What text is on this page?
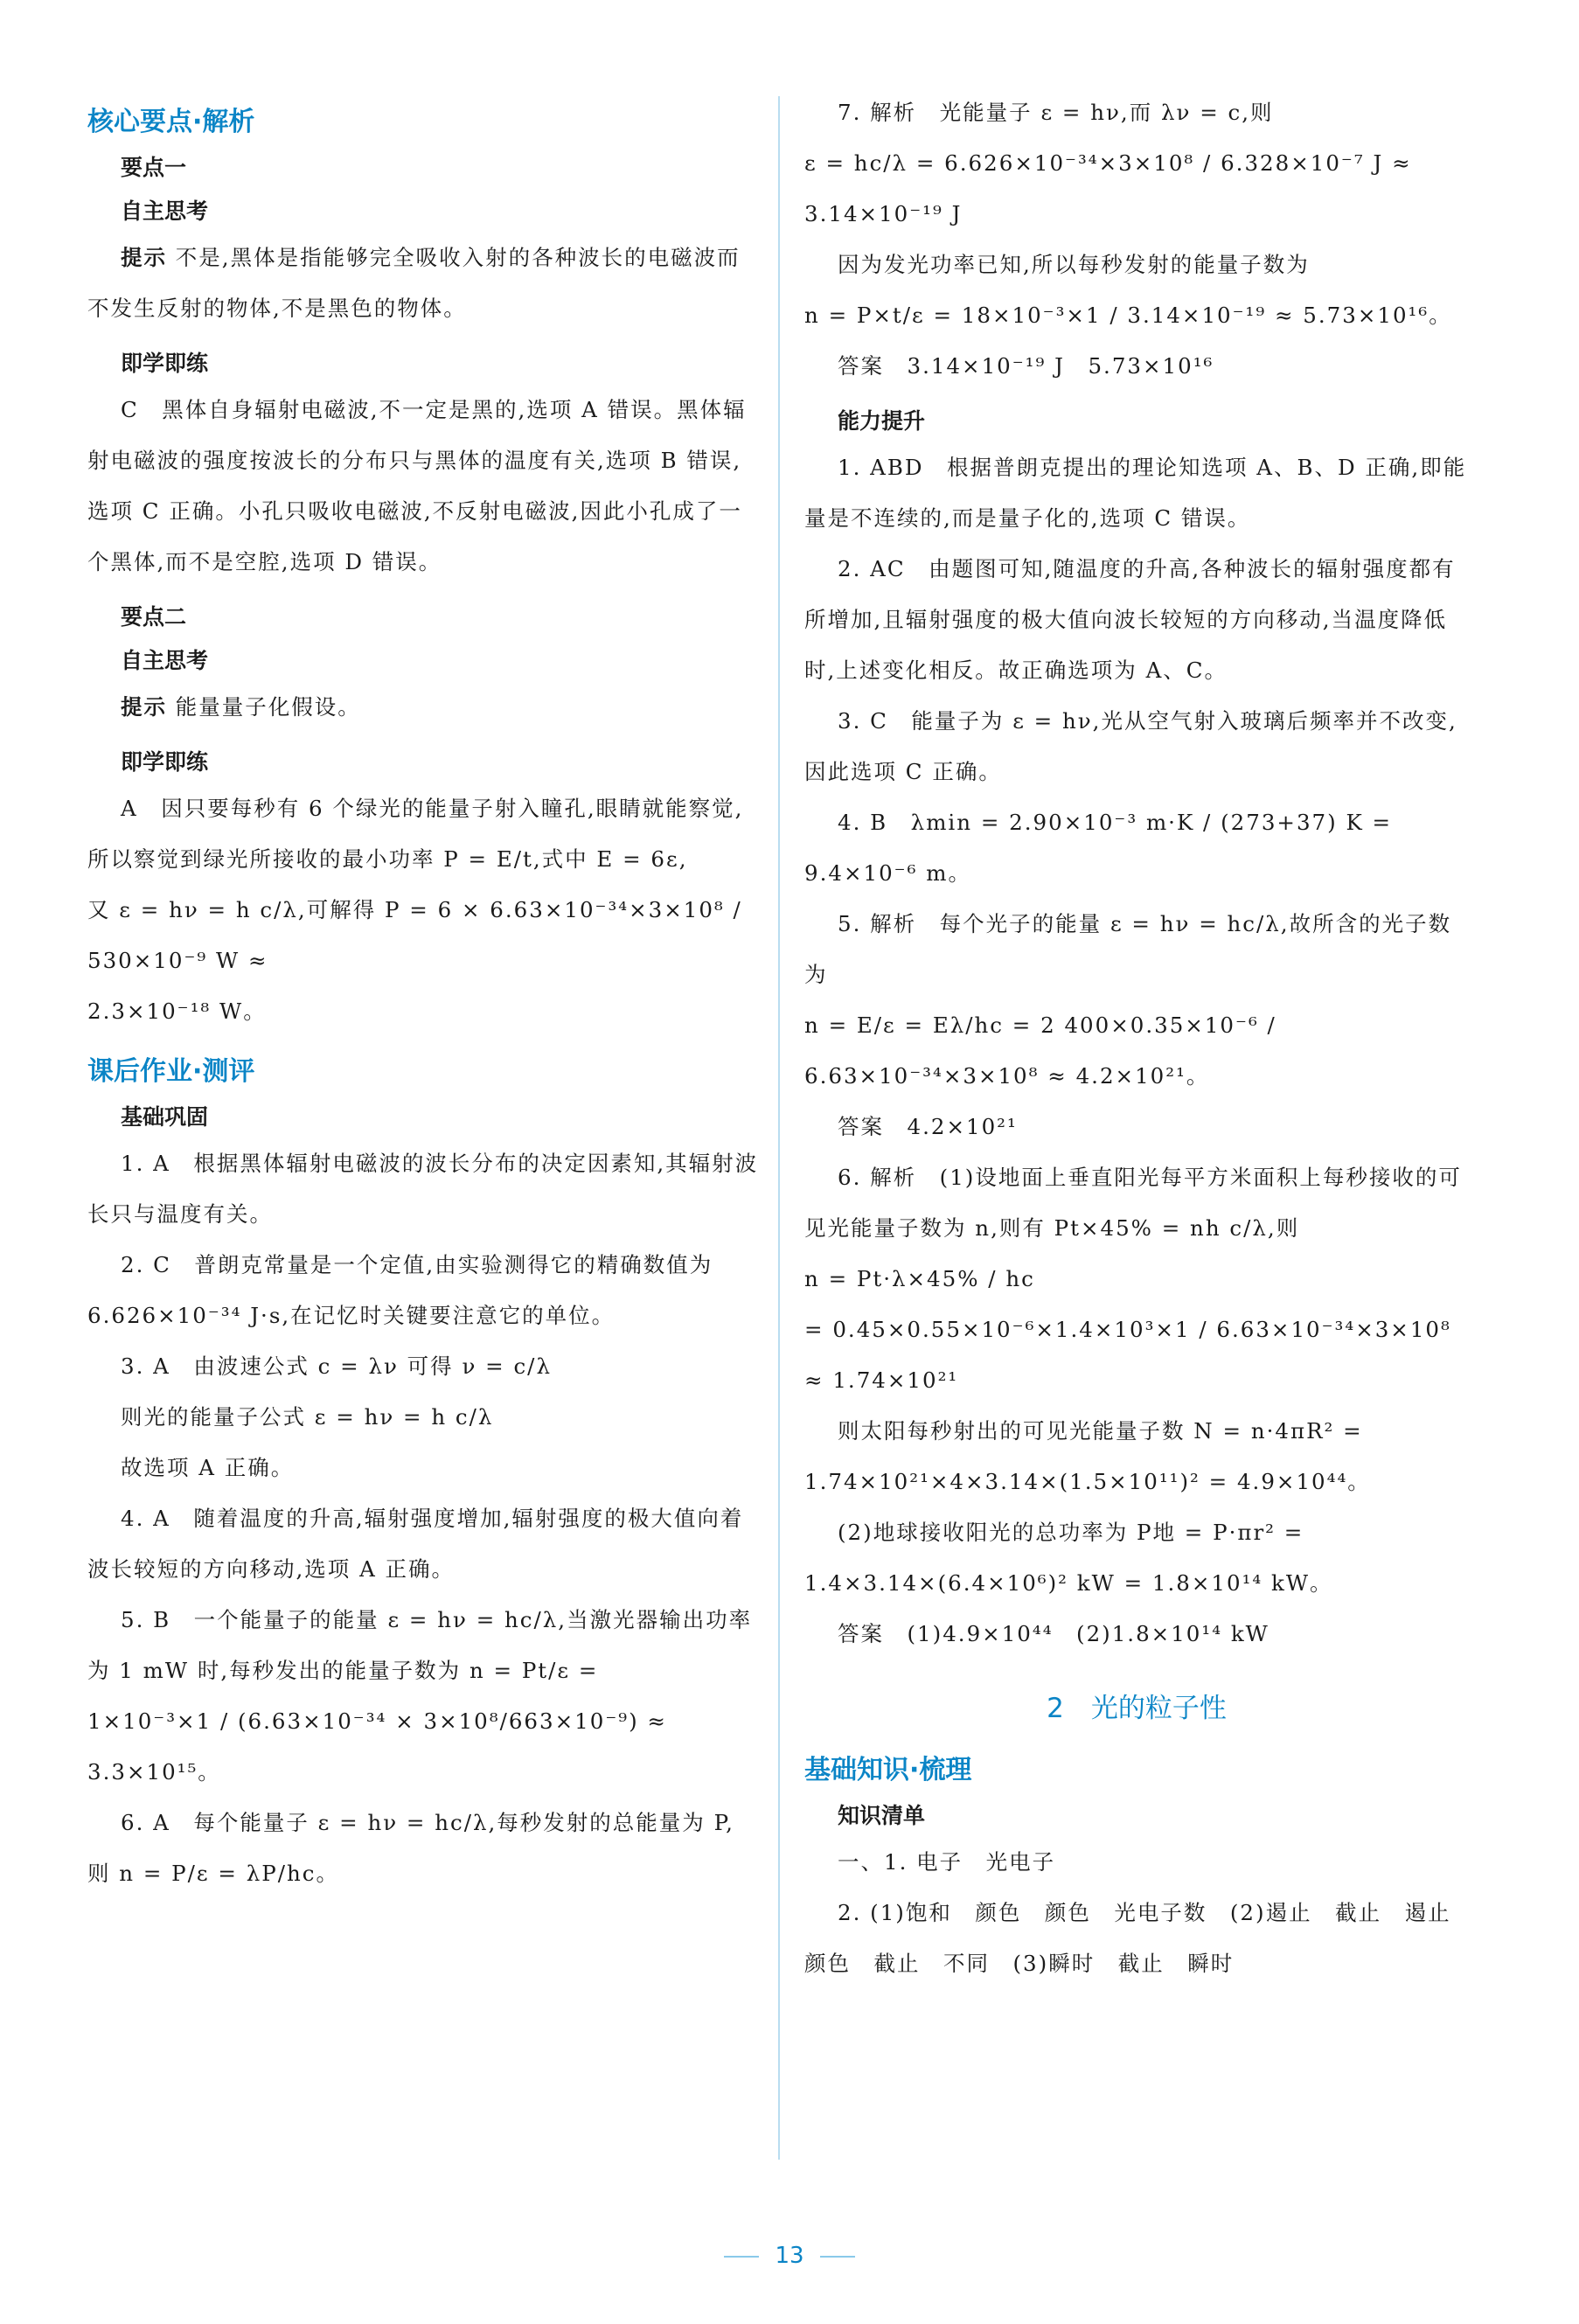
核心要点·解析
要点一
自主思考

提示 不是,黑体是指能够完全吸收入射的各种波长的电磁波而不发生反射的物体,不是黑色的物体。

即学即练

C　黑体自身辐射电磁波,不一定是黑的,选项 A 错误。黑体辐射电磁波的强度按波长的分布只与黑体的温度有关,选项 B 错误,选项 C 正确。小孔只吸收电磁波,不反射电磁波,因此小孔成了一个黑体,而不是空腔,选项 D 错误。

要点二
自主思考

提示 能量量子化假设。

即学即练

A　因只要每秒有 6 个绿光的能量子射入瞳孔,眼睛就能察觉,所以察觉到绿光所接收的最小功率 P = E/t,式中 E = 6ε,

又 ε = hν = h c/λ,可解得 P = 6 × 6.63×10⁻³⁴×3×10⁸ / 530×10⁻⁹ W ≈

2.3×10⁻¹⁸ W。

课后作业·测评
基础巩固

1. A　根据黑体辐射电磁波的波长分布的决定因素知,其辐射波长只与温度有关。

2. C　普朗克常量是一个定值,由实验测得它的精确数值为 6.626×10⁻³⁴ J·s,在记忆时关键要注意它的单位。

3. A　由波速公式 c = λν 可得 ν = c/λ

则光的能量子公式 ε = hν = h c/λ

故选项 A 正确。

4. A　随着温度的升高,辐射强度增加,辐射强度的极大值向着波长较短的方向移动,选项 A 正确。

5. B　一个能量子的能量 ε = hν = hc/λ,当激光器输出功率为 1 mW 时,每秒发出的能量子数为 n = Pt/ε =

1×10⁻³×1 / (6.63×10⁻³⁴ × 3×10⁸/663×10⁻⁹) ≈ 3.3×10¹⁵。

6. A　每个能量子 ε = hν = hc/λ,每秒发射的总能量为 P,

则 n = P/ε = λP/hc。

7. 解析　光能量子 ε = hν,而 λν = c,则

ε = hc/λ = 6.626×10⁻³⁴×3×10⁸ / 6.328×10⁻⁷ J ≈ 3.14×10⁻¹⁹ J

因为发光功率已知,所以每秒发射的能量子数为

n = P×t/ε = 18×10⁻³×1 / 3.14×10⁻¹⁹ ≈ 5.73×10¹⁶。

答案　3.14×10⁻¹⁹ J　5.73×10¹⁶

能力提升

1. ABD　根据普朗克提出的理论知选项 A、B、D 正确,即能量是不连续的,而是量子化的,选项 C 错误。

2. AC　由题图可知,随温度的升高,各种波长的辐射强度都有所增加,且辐射强度的极大值向波长较短的方向移动,当温度降低时,上述变化相反。故正确选项为 A、C。

3. C　能量子为 ε = hν,光从空气射入玻璃后频率并不改变,因此选项 C 正确。

4. B　λmin = 2.90×10⁻³ m·K / (273+37) K = 9.4×10⁻⁶ m。

5. 解析　每个光子的能量 ε = hν = hc/λ,故所含的光子数为

n = E/ε = Eλ/hc = 2 400×0.35×10⁻⁶ / 6.63×10⁻³⁴×3×10⁸ ≈ 4.2×10²¹。

答案　4.2×10²¹

6. 解析　(1)设地面上垂直阳光每平方米面积上每秒接收的可见光能量子数为 n,则有 Pt×45% = nh c/λ,则

n = Pt·λ×45% / hc

= 0.45×0.55×10⁻⁶×1.4×10³×1 / 6.63×10⁻³⁴×3×10⁸

≈ 1.74×10²¹

则太阳每秒射出的可见光能量子数 N = n·4πR² = 1.74×10²¹×4×3.14×(1.5×10¹¹)² = 4.9×10⁴⁴。

(2)地球接收阳光的总功率为 P地 = P·πr² = 1.4×3.14×(6.4×10⁶)² kW = 1.8×10¹⁴ kW。

答案　(1)4.9×10⁴⁴　(2)1.8×10¹⁴ kW

2　光的粒子性
基础知识·梳理
知识清单

一、1. 电子　光电子

2. (1)饱和　颜色　颜色　光电子数　(2)遏止　截止　遏止　颜色　截止　不同　(3)瞬时　截止　瞬时

13
